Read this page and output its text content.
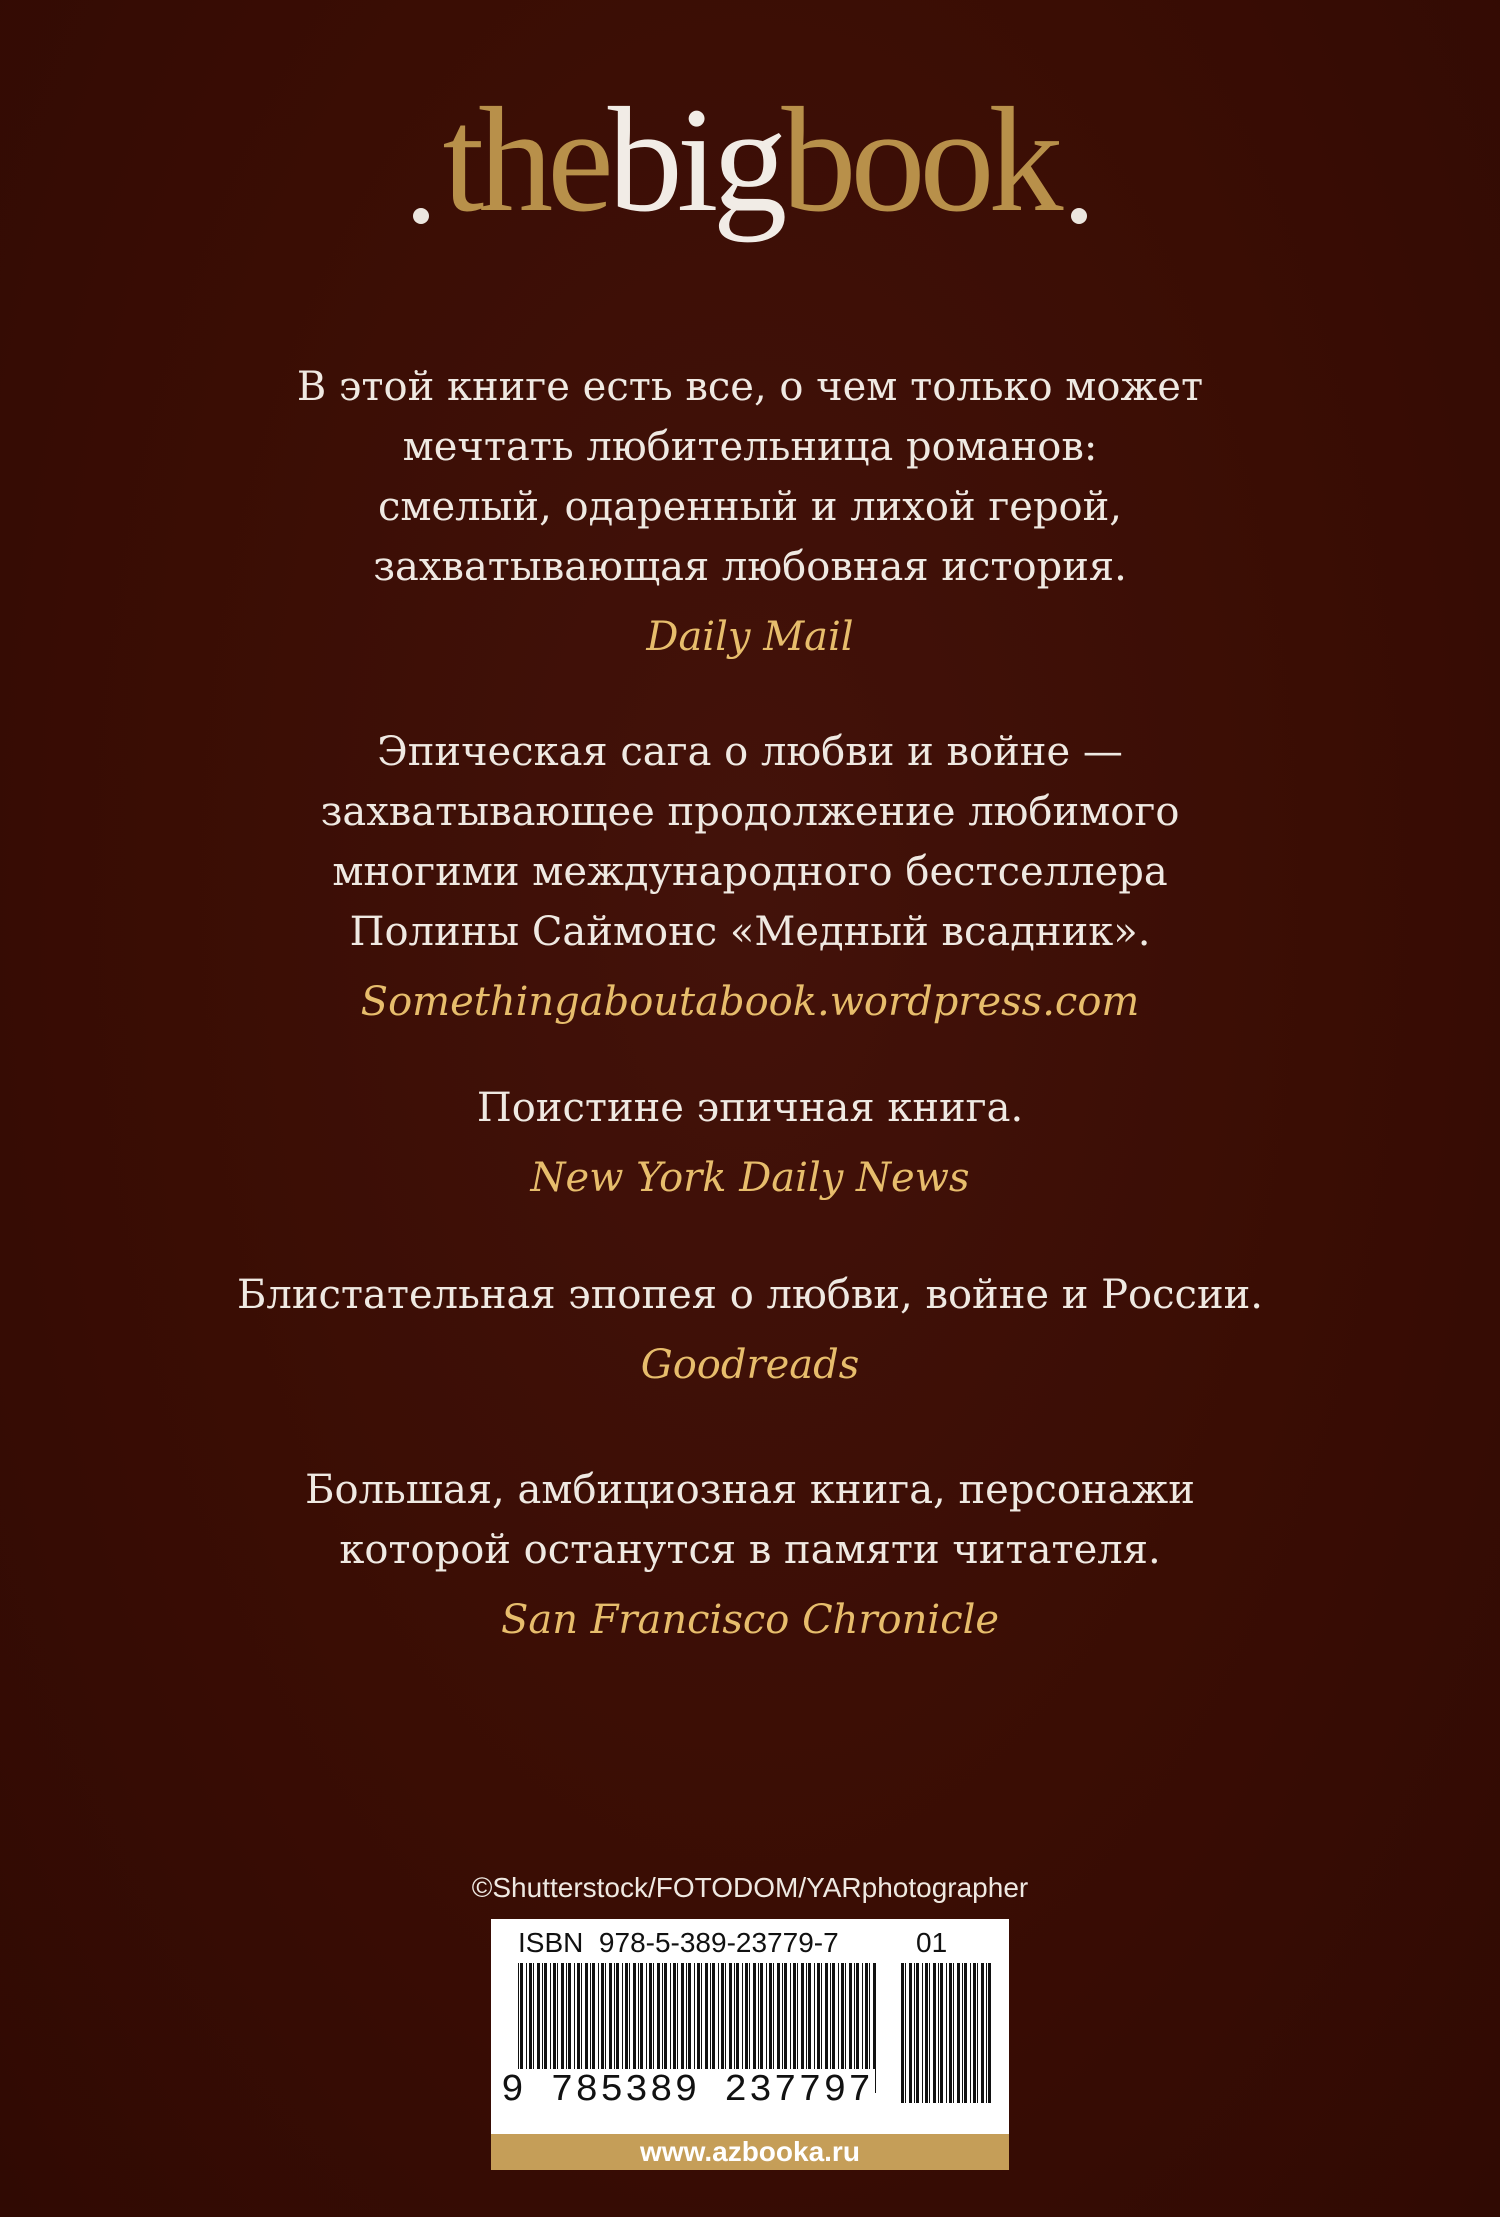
thebigbook
В этой книге есть все, о чем только может
мечтать любительница романов:
смелый, одаренный и лихой герой,
захватывающая любовная история.
Daily Mail
Эпическая сага о любви и войне —
захватывающее продолжение любимого
многими международного бестселлера
Полины Саймонс «Медный всадник».
Somethingaboutabook.wordpress.com
Поистине эпичная книга.
New York Daily News
Блистательная эпопея о любви, войне и России.
Goodreads
Большая, амбициозная книга, персонажи
которой останутся в памяти читателя.
San Francisco Chronicle
©Shutterstock/FOTODOM/YARphotographer
ISBN 978-5-389-23779-7	01
9 785389 237797
www.azbooka.ru
